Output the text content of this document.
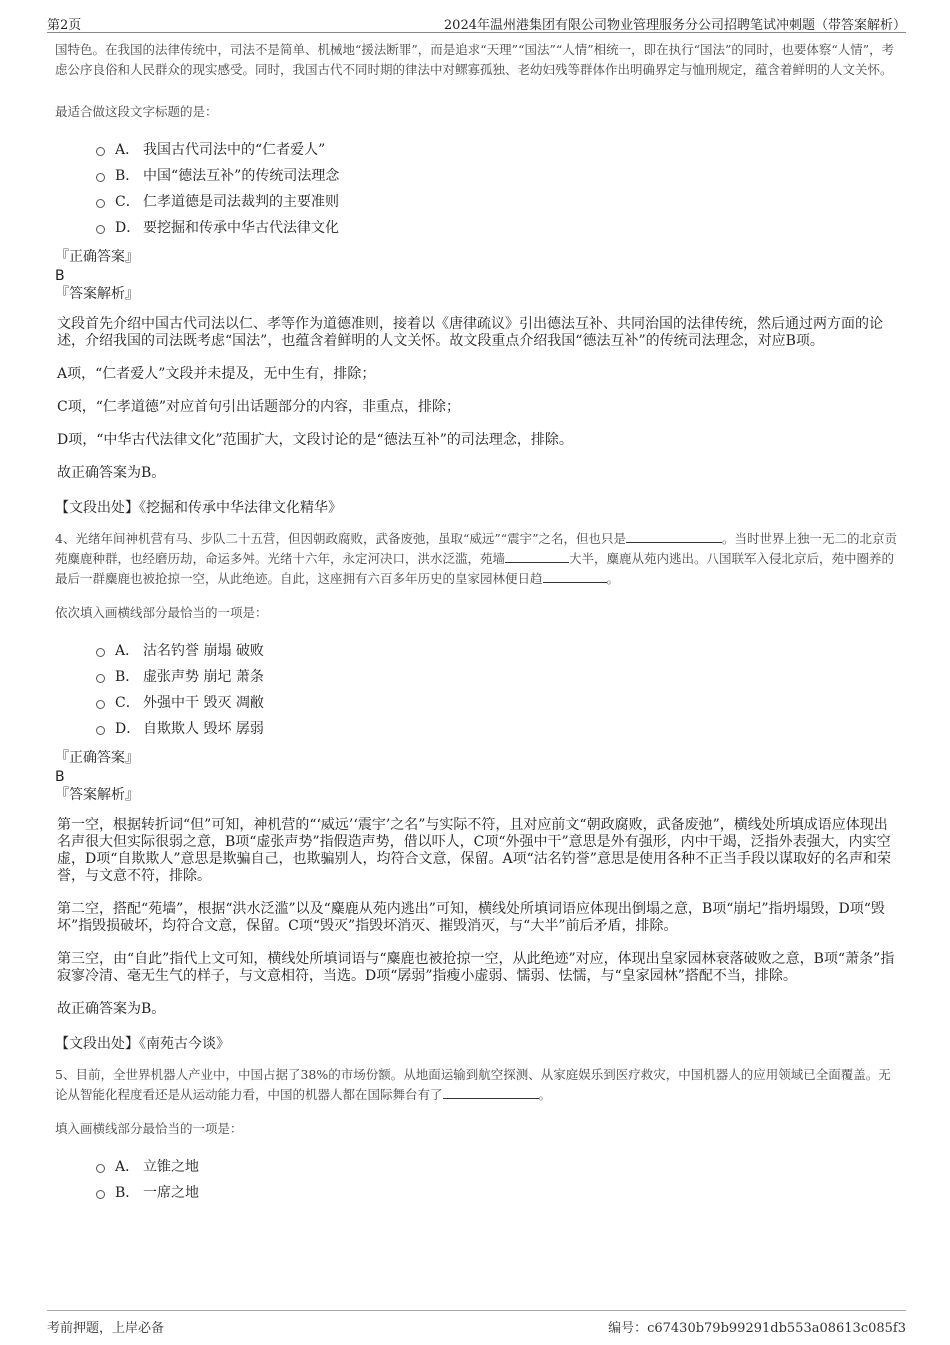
第2页	2024年温州港集团有限公司物业管理服务分公司招聘笔试冲刺题（带答案解析）

国特色。在我国的法律传统中，司法不是简单、机械地“援法断罪”，而是追求“天理”“国法”“人情”相统一，即在执行“国法”的同时，也要体察“人情”，考虑公序良俗和人民群众的现实感受。同时，我国古代不同时期的律法中对鳏寡孤独、老幼妇残等群体作出明确界定与恤刑规定，蕴含着鲜明的人文关怀。

最适合做这段文字标题的是：

A． 我国古代司法中的“仁者爱人”
B． 中国“德法互补”的传统司法理念
C． 仁孝道德是司法裁判的主要准则
D． 要挖掘和传承中华古代法律文化

『正确答案』

B

『答案解析』

文段首先介绍中国古代司法以仁、孝等作为道德准则，接着以《唐律疏议》引出德法互补、共同治国的法律传统，然后通过两方面的论述，介绍我国的司法既考虑“国法”，也蕴含着鲜明的人文关怀。故文段重点介绍我国“德法互补”的传统司法理念，对应B项。

A项，“仁者爱人”文段并未提及，无中生有，排除；

C项，“仁孝道德”对应首句引出话题部分的内容，非重点，排除；

D项，“中华古代法律文化”范围扩大，文段讨论的是“德法互补”的司法理念，排除。

故正确答案为B。

【文段出处】《挖掘和传承中华法律文化精华》

4、光绪年间神机营有马、步队二十五营，但因朝政腐败，武备废弛，虽取“威远”“震宇”之名，但也只是	。当时世界上独一无二的北京贡苑麋鹿种群，也经磨历劫，命运多舛。光绪十六年，永定河决口，洪水泛滥，苑墙	大半，麋鹿从苑内逃出。八国联军入侵北京后，苑中圈养的最后一群麋鹿也被抢掠一空，从此绝迹。自此，这座拥有六百多年历史的皇家园林便日趋	。

依次填入画横线部分最恰当的一项是：

A． 沽名钓誉 崩塌 破败
B． 虚张声势 崩圮 萧条
C． 外强中干 毁灭 凋敝
D． 自欺欺人 毁坏 孱弱

『正确答案』

B

『答案解析』

第一空，根据转折词“但”可知，神机营的“‘威远’‘震宇’之名”与实际不符，且对应前文“朝政腐败，武备废弛”，横线处所填成语应体现出名声很大但实际很弱之意，B项“虚张声势”指假造声势，借以吓人，C项“外强中干”意思是外有强形，内中干竭，泛指外表强大，内实空虚，D项“自欺欺人”意思是欺骗自己，也欺骗别人，均符合文意，保留。A项“沽名钓誉”意思是使用各种不正当手段以谋取好的名声和荣誉，与文意不符，排除。

第二空，搭配“苑墙”，根据“洪水泛滥”以及“麋鹿从苑内逃出”可知，横线处所填词语应体现出倒塌之意，B项“崩圮”指坍塌毁，D项“毁坏”指毁损破坏，均符合文意，保留。C项“毁灭”指毁坏消灭、摧毁消灭，与“大半”前后矛盾，排除。

第三空，由“自此”指代上文可知，横线处所填词语与“麋鹿也被抢掠一空，从此绝迹”对应，体现出皇家园林衰落破败之意，B项“萧条”指寂寥冷清、毫无生气的样子，与文意相符，当选。D项“孱弱”指瘦小虚弱、懦弱、怯懦，与“皇家园林”搭配不当，排除。

故正确答案为B。

【文段出处】《南苑古今谈》

5、目前，全世界机器人产业中，中国占据了38%的市场份额。从地面运输到航空探测、从家庭娱乐到医疗救灾，中国机器人的应用领域已全面覆盖。无论从智能化程度看还是从运动能力看，中国的机器人都在国际舞台有了	。

填入画横线部分最恰当的一项是：

A． 立锥之地
B． 一席之地
考前押题，上岸必备	编号：c67430b79b99291db553a08613c085f3
